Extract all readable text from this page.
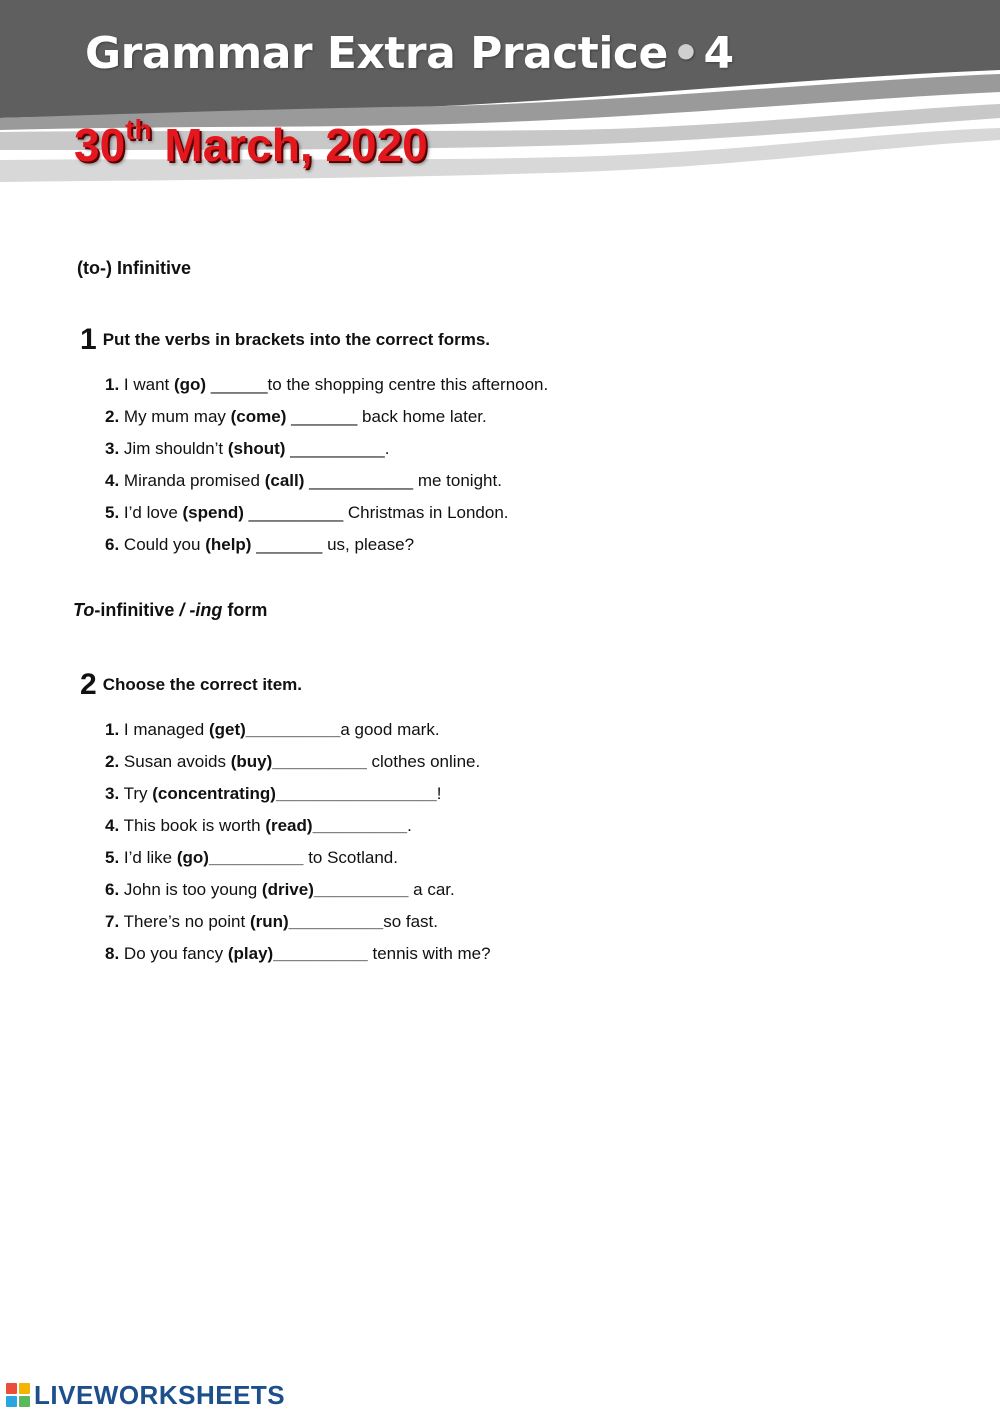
Grammar Extra Practice•4
30th March, 2020
(to-) Infinitive
1 Put the verbs in brackets into the correct forms.
1. I want (go) ______to the shopping centre this afternoon.
2. My mum may (come) _______ back home later.
3. Jim shouldn’t (shout) __________.
4. Miranda promised (call) ___________ me tonight.
5. I’d love (spend) __________ Christmas in London.
6. Could you (help) _______ us, please?
To-infinitive / -ing form
2 Choose the correct item.
1. I managed (get)__________a good mark.
2. Susan avoids (buy)__________ clothes online.
3. Try (concentrating)_________________!
4. This book is worth (read)__________.
5. I’d like (go)__________ to Scotland.
6. John is too young (drive)__________ a car.
7. There’s no point (run)__________so fast.
8. Do you fancy (play)__________ tennis with me?
LIVEWORKSHEETS
